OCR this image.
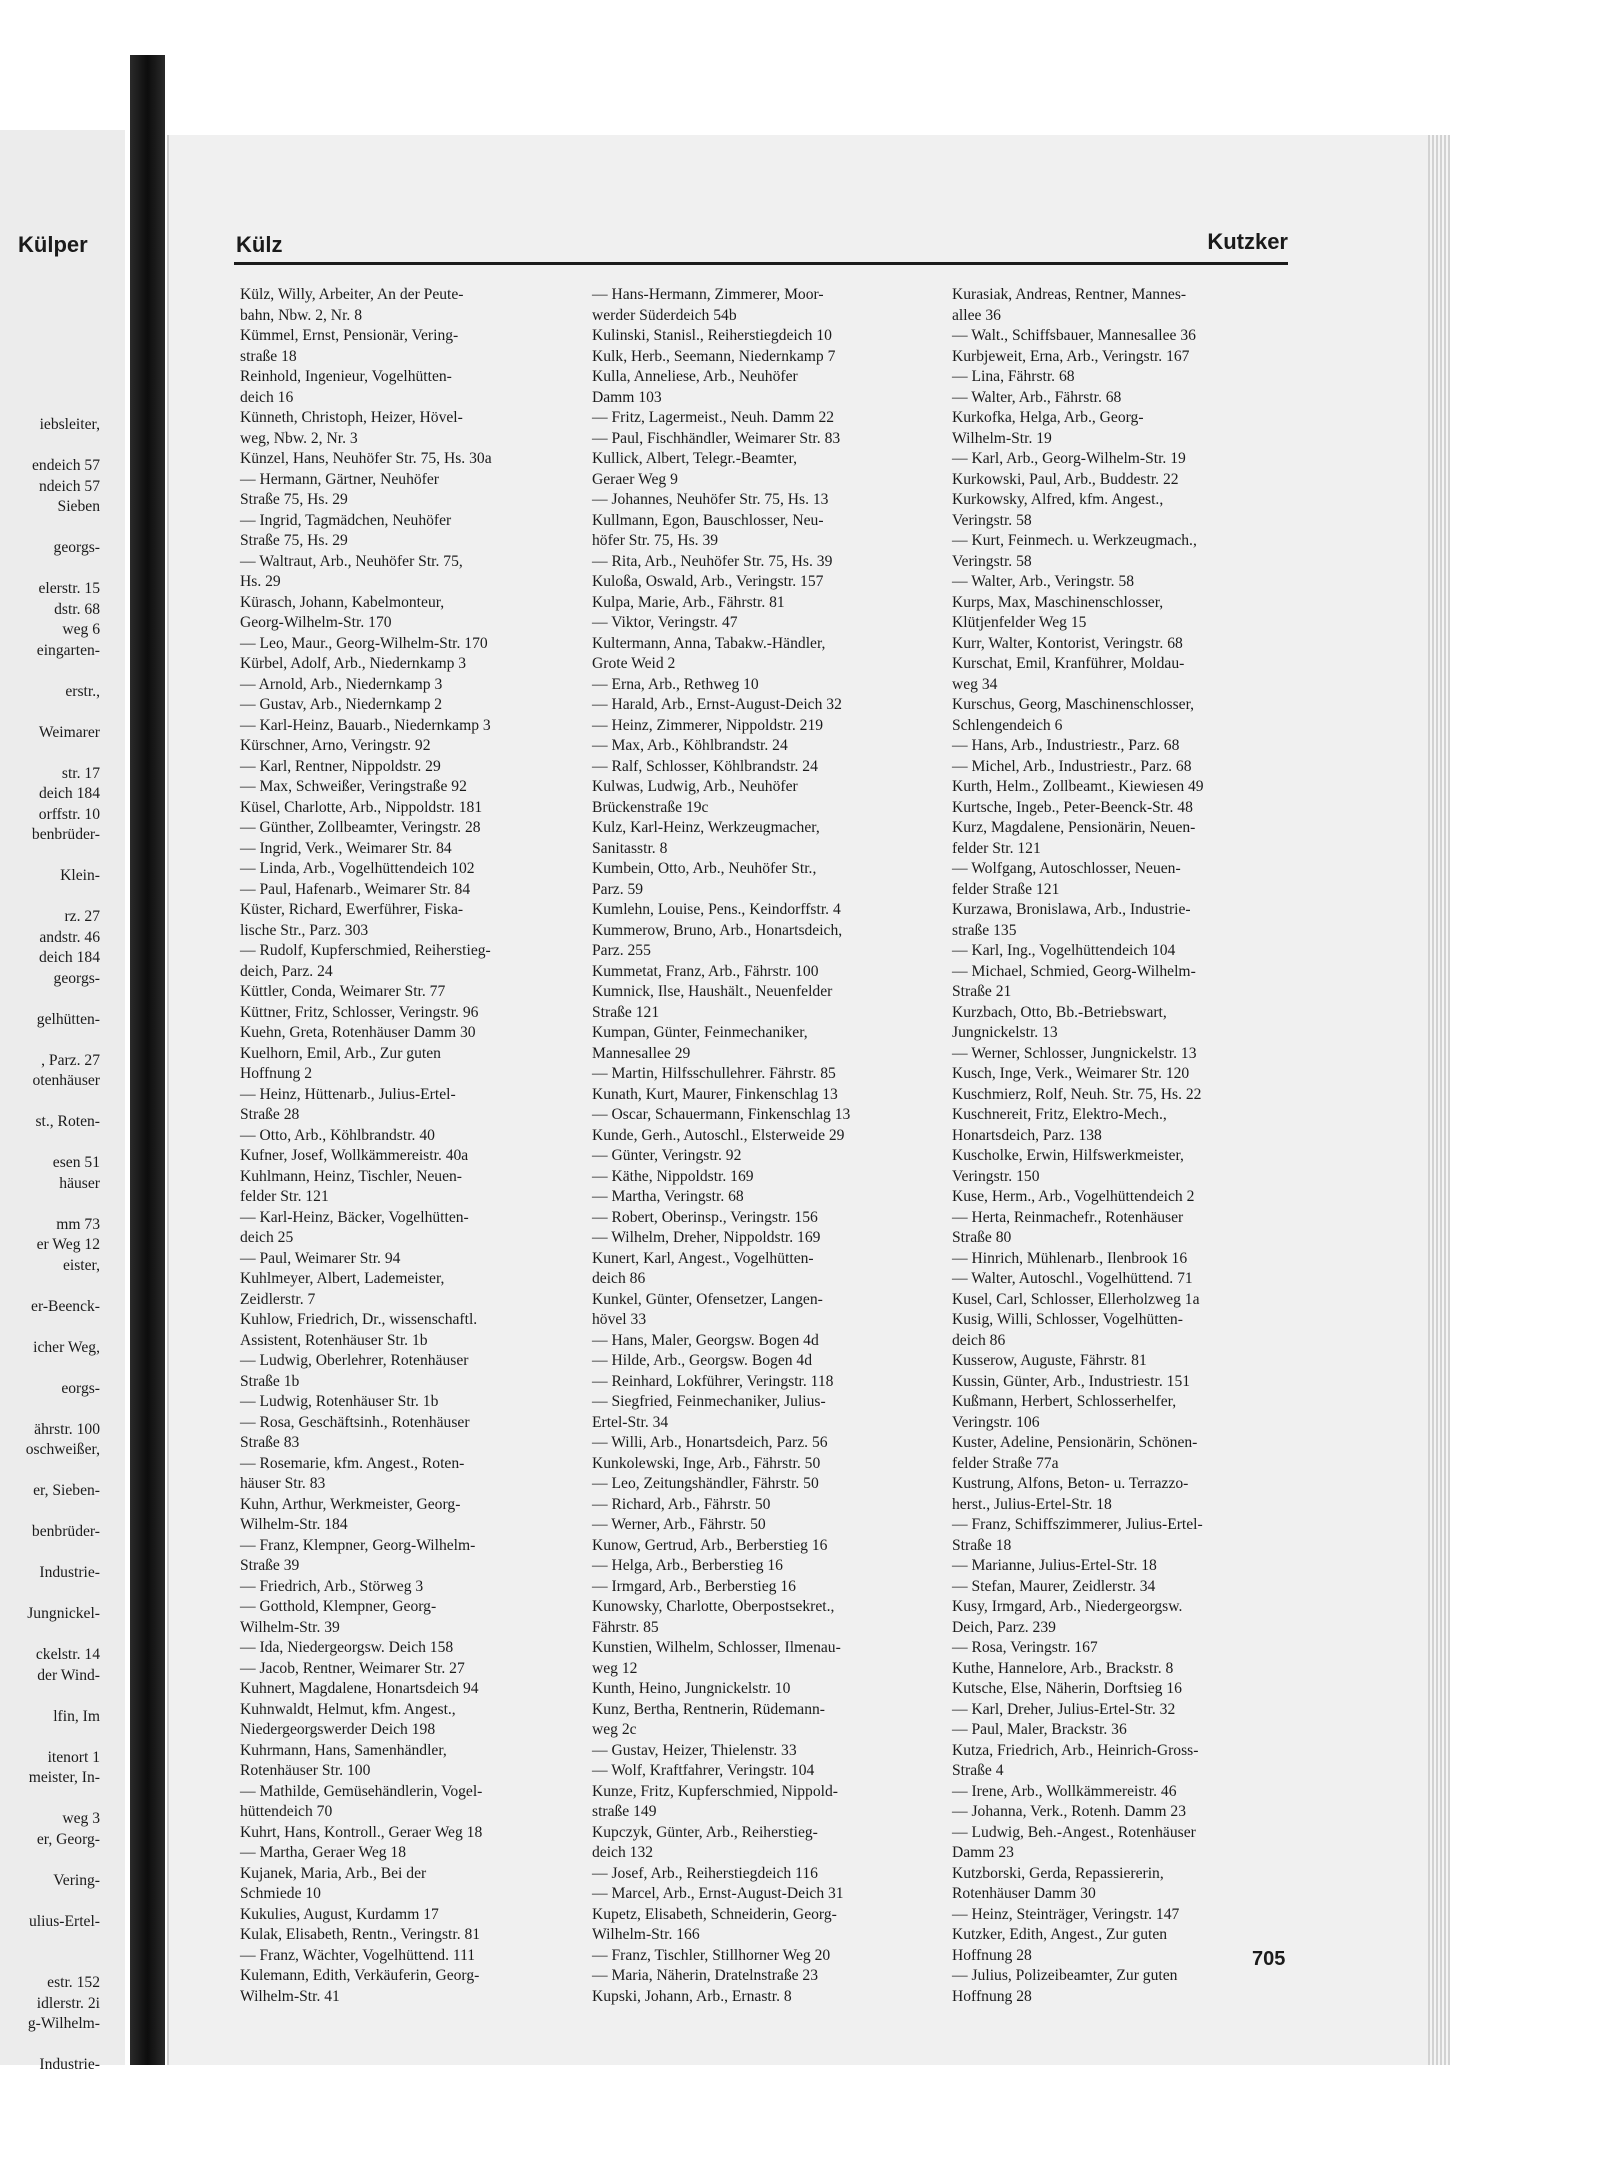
Külper
iebsleiter,

endeich 57
ndeich 57
Sieben

georgs-

elerstr. 15
dstr. 68
weg 6
eingarten-

erstr.,

Weimarer

str. 17
deich 184
orffstr. 10
benbrüder-

Klein-

rz. 27
andstr. 46
deich 184
georgs-

gelhütten-

, Parz. 27
otenhäuser

st., Roten-

esen 51
häuser

mm 73
er Weg 12
eister,

er-Beenck-

icher Weg,

eorgs-

ährstr. 100
oschweißer,

er, Sieben-

benbrüder-

Industrie-

Jungnickel-

ckelstr. 14
der Wind-

lfin, Im

itenort 1
meister, In-

weg 3
er, Georg-

Vering-

ulius-Ertel-

estr. 152
idlerstr. 2i
g-Wilhelm-

Industrie-
Külz	Kutzker
Külz, Willy, Arbeiter, An der Peute-
bahn, Nbw. 2, Nr. 8
Kümmel, Ernst, Pensionär, Vering-
straße 18
Reinhold, Ingenieur, Vogelhütten-
deich 16
Künneth, Christoph, Heizer, Hövel-
weg, Nbw. 2, Nr. 3
Künzel, Hans, Neuhöfer Str. 75, Hs. 30a
— Hermann, Gärtner, Neuhöfer
Straße 75, Hs. 29
— Ingrid, Tagmädchen, Neuhöfer
Straße 75, Hs. 29
— Waltraut, Arb., Neuhöfer Str. 75,
Hs. 29
Kürasch, Johann, Kabelmonteur,
Georg-Wilhelm-Str. 170
— Leo, Maur., Georg-Wilhelm-Str. 170
Kürbel, Adolf, Arb., Niedernkamp 3
— Arnold, Arb., Niedernkamp 3
— Gustav, Arb., Niedernkamp 2
— Karl-Heinz, Bauarb., Niedernkamp 3
Kürschner, Arno, Veringstr. 92
— Karl, Rentner, Nippoldstr. 29
— Max, Schweißer, Veringstraße 92
Küsel, Charlotte, Arb., Nippoldstr. 181
— Günther, Zollbeamter, Veringstr. 28
— Ingrid, Verk., Weimarer Str. 84
— Linda, Arb., Vogelhüttendeich 102
— Paul, Hafenarb., Weimarer Str. 84
Küster, Richard, Ewerführer, Fiska-
lische Str., Parz. 303
— Rudolf, Kupferschmied, Reiherstieg-
deich, Parz. 24
Küttler, Conda, Weimarer Str. 77
Küttner, Fritz, Schlosser, Veringstr. 96
Kuehn, Greta, Rotenhäuser Damm 30
Kuelhorn, Emil, Arb., Zur guten
Hoffnung 2
— Heinz, Hüttenarb., Julius-Ertel-
Straße 28
— Otto, Arb., Köhlbrandstr. 40
Kufner, Josef, Wollkämmereistr. 40a
Kuhlmann, Heinz, Tischler, Neuen-
felder Str. 121
— Karl-Heinz, Bäcker, Vogelhütten-
deich 25
— Paul, Weimarer Str. 94
Kuhlmeyer, Albert, Lademeister,
Zeidlerstr. 7
Kuhlow, Friedrich, Dr., wissenschaftl.
Assistent, Rotenhäuser Str. 1b
— Ludwig, Oberlehrer, Rotenhäuser
Straße 1b
— Ludwig, Rotenhäuser Str. 1b
— Rosa, Geschäftsinh., Rotenhäuser
Straße 83
— Rosemarie, kfm. Angest., Roten-
häuser Str. 83
Kuhn, Arthur, Werkmeister, Georg-
Wilhelm-Str. 184
— Franz, Klempner, Georg-Wilhelm-
Straße 39
— Friedrich, Arb., Störweg 3
— Gotthold, Klempner, Georg-
Wilhelm-Str. 39
— Ida, Niedergeorgsw. Deich 158
— Jacob, Rentner, Weimarer Str. 27
Kuhnert, Magdalene, Honartsdeich 94
Kuhnwaldt, Helmut, kfm. Angest.,
Niedergeorgswerder Deich 198
Kuhrmann, Hans, Samenhändler,
Rotenhäuser Str. 100
— Mathilde, Gemüsehändlerin, Vogel-
hüttendeich 70
Kuhrt, Hans, Kontroll., Geraer Weg 18
— Martha, Geraer Weg 18
Kujanek, Maria, Arb., Bei der
Schmiede 10
Kukulies, August, Kurdamm 17
Kulak, Elisabeth, Rentn., Veringstr. 81
— Franz, Wächter, Vogelhüttend. 111
Kulemann, Edith, Verkäuferin, Georg-
Wilhelm-Str. 41
— Hans-Hermann, Zimmerer, Moor-
werder Süderdeich 54b
Kulinski, Stanisl., Reiherstiegdeich 10
Kulk, Herb., Seemann, Niedernkamp 7
Kulla, Anneliese, Arb., Neuhöfer
Damm 103
— Fritz, Lagermeist., Neuh. Damm 22
— Paul, Fischhändler, Weimarer Str. 83
Kullick, Albert, Telegr.-Beamter,
Geraer Weg 9
— Johannes, Neuhöfer Str. 75, Hs. 13
Kullmann, Egon, Bauschlosser, Neu-
höfer Str. 75, Hs. 39
— Rita, Arb., Neuhöfer Str. 75, Hs. 39
Kuloßa, Oswald, Arb., Veringstr. 157
Kulpa, Marie, Arb., Fährstr. 81
— Viktor, Veringstr. 47
Kultermann, Anna, Tabakw.-Händler,
Grote Weid 2
— Erna, Arb., Rethweg 10
— Harald, Arb., Ernst-August-Deich 32
— Heinz, Zimmerer, Nippoldstr. 219
— Max, Arb., Köhlbrandstr. 24
— Ralf, Schlosser, Köhlbrandstr. 24
Kulwas, Ludwig, Arb., Neuhöfer
Brückenstraße 19c
Kulz, Karl-Heinz, Werkzeugmacher,
Sanitasstr. 8
Kumbein, Otto, Arb., Neuhöfer Str.,
Parz. 59
Kumlehn, Louise, Pens., Keindorffstr. 4
Kummerow, Bruno, Arb., Honartsdeich,
Parz. 255
Kummetat, Franz, Arb., Fährstr. 100
Kumnick, Ilse, Haushält., Neuenfelder
Straße 121
Kumpan, Günter, Feinmechaniker,
Mannesallee 29
— Martin, Hilfsschullehrer. Fährstr. 85
Kunath, Kurt, Maurer, Finkenschlag 13
— Oscar, Schauermann, Finkenschlag 13
Kunde, Gerh., Autoschl., Elsterweide 29
— Günter, Veringstr. 92
— Käthe, Nippoldstr. 169
— Martha, Veringstr. 68
— Robert, Oberinsp., Veringstr. 156
— Wilhelm, Dreher, Nippoldstr. 169
Kunert, Karl, Angest., Vogelhütten-
deich 86
Kunkel, Günter, Ofensetzer, Langen-
hövel 33
— Hans, Maler, Georgsw. Bogen 4d
— Hilde, Arb., Georgsw. Bogen 4d
— Reinhard, Lokführer, Veringstr. 118
— Siegfried, Feinmechaniker, Julius-
Ertel-Str. 34
— Willi, Arb., Honartsdeich, Parz. 56
Kunkolewski, Inge, Arb., Fährstr. 50
— Leo, Zeitungshändler, Fährstr. 50
— Richard, Arb., Fährstr. 50
— Werner, Arb., Fährstr. 50
Kunow, Gertrud, Arb., Berberstieg 16
— Helga, Arb., Berberstieg 16
— Irmgard, Arb., Berberstieg 16
Kunowsky, Charlotte, Oberpostsekret.,
Fährstr. 85
Kunstien, Wilhelm, Schlosser, Ilmenau-
weg 12
Kunth, Heino, Jungnickelstr. 10
Kunz, Bertha, Rentnerin, Rüdemann-
weg 2c
— Gustav, Heizer, Thielenstr. 33
— Wolf, Kraftfahrer, Veringstr. 104
Kunze, Fritz, Kupferschmied, Nippold-
straße 149
Kupczyk, Günter, Arb., Reiherstieg-
deich 132
— Josef, Arb., Reiherstiegdeich 116
— Marcel, Arb., Ernst-August-Deich 31
Kupetz, Elisabeth, Schneiderin, Georg-
Wilhelm-Str. 166
— Franz, Tischler, Stillhorner Weg 20
— Maria, Näherin, Dratelnstraße 23
Kupski, Johann, Arb., Ernastr. 8
Kurasiak, Andreas, Rentner, Mannes-
allee 36
— Walt., Schiffsbauer, Mannesallee 36
Kurbjeweit, Erna, Arb., Veringstr. 167
— Lina, Fährstr. 68
— Walter, Arb., Fährstr. 68
Kurkofka, Helga, Arb., Georg-
Wilhelm-Str. 19
— Karl, Arb., Georg-Wilhelm-Str. 19
Kurkowski, Paul, Arb., Buddestr. 22
Kurkowsky, Alfred, kfm. Angest.,
Veringstr. 58
— Kurt, Feinmech. u. Werkzeugmach.,
Veringstr. 58
— Walter, Arb., Veringstr. 58
Kurps, Max, Maschinenschlosser,
Klütjenfelder Weg 15
Kurr, Walter, Kontorist, Veringstr. 68
Kurschat, Emil, Kranführer, Moldau-
weg 34
Kurschus, Georg, Maschinenschlosser,
Schlengendeich 6
— Hans, Arb., Industriestr., Parz. 68
— Michel, Arb., Industriestr., Parz. 68
Kurth, Helm., Zollbeamt., Kiewiesen 49
Kurtsche, Ingeb., Peter-Beenck-Str. 48
Kurz, Magdalene, Pensionärin, Neuen-
felder Str. 121
— Wolfgang, Autoschlosser, Neuen-
felder Straße 121
Kurzawa, Bronislawa, Arb., Industrie-
straße 135
— Karl, Ing., Vogelhüttendeich 104
— Michael, Schmied, Georg-Wilhelm-
Straße 21
Kurzbach, Otto, Bb.-Betriebswart,
Jungnickelstr. 13
— Werner, Schlosser, Jungnickelstr. 13
Kusch, Inge, Verk., Weimarer Str. 120
Kuschmierz, Rolf, Neuh. Str. 75, Hs. 22
Kuschnereit, Fritz, Elektro-Mech.,
Honartsdeich, Parz. 138
Kuscholke, Erwin, Hilfswerkmeister,
Veringstr. 150
Kuse, Herm., Arb., Vogelhüttendeich 2
— Herta, Reinmachefr., Rotenhäuser
Straße 80
— Hinrich, Mühlenarb., Ilenbrook 16
— Walter, Autoschl., Vogelhüttend. 71
Kusel, Carl, Schlosser, Ellerholzweg 1a
Kusig, Willi, Schlosser, Vogelhütten-
deich 86
Kusserow, Auguste, Fährstr. 81
Kussin, Günter, Arb., Industriestr. 151
Kußmann, Herbert, Schlosserhelfer,
Veringstr. 106
Kuster, Adeline, Pensionärin, Schönen-
felder Straße 77a
Kustrung, Alfons, Beton- u. Terrazzo-
herst., Julius-Ertel-Str. 18
— Franz, Schiffszimmerer, Julius-Ertel-
Straße 18
— Marianne, Julius-Ertel-Str. 18
— Stefan, Maurer, Zeidlerstr. 34
Kusy, Irmgard, Arb., Niedergeorgsw.
Deich, Parz. 239
— Rosa, Veringstr. 167
Kuthe, Hannelore, Arb., Brackstr. 8
Kutsche, Else, Näherin, Dorftsieg 16
— Karl, Dreher, Julius-Ertel-Str. 32
— Paul, Maler, Brackstr. 36
Kutza, Friedrich, Arb., Heinrich-Gross-
Straße 4
— Irene, Arb., Wollkämmereistr. 46
— Johanna, Verk., Rotenh. Damm 23
— Ludwig, Beh.-Angest., Rotenhäuser
Damm 23
Kutzborski, Gerda, Repassiererin,
Rotenhäuser Damm 30
— Heinz, Steinträger, Veringstr. 147
Kutzker, Edith, Angest., Zur guten
Hoffnung 28
— Julius, Polizeibeamter, Zur guten
Hoffnung 28
705
